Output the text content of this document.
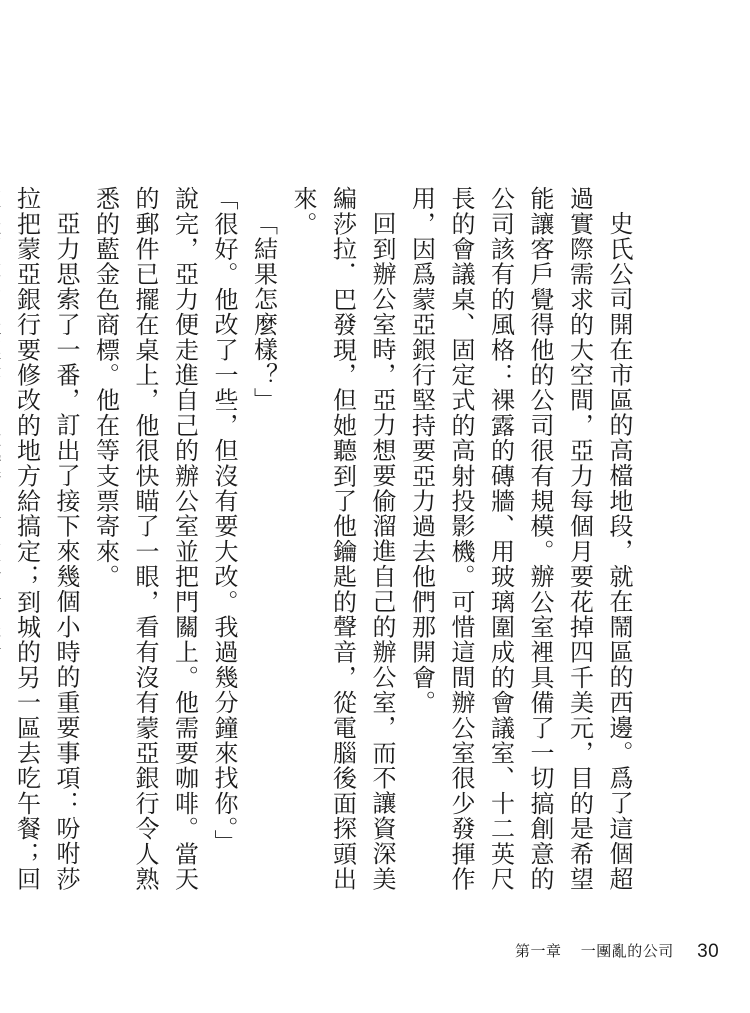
史氏公司開在市區的高檔地段，就在鬧區的西邊。爲了這個超過實際需求的大空間，亞力每個月要花掉四千美元，目的是希望能讓客戶覺得他的公司很有規模。辦公室裡具備了一切搞創意的公司該有的風格：裸露的磚牆、用玻璃圍成的會議室、十二英尺長的會議桌、固定式的高射投影機。可惜這間辦公室很少發揮作用，因爲蒙亞銀行堅持要亞力過去他們那開會。

回到辦公室時，亞力想要偷溜進自己的辦公室，而不讓資深美編莎拉．巴發現，但她聽到了他鑰匙的聲音，從電腦後面探頭出來。

「結果怎麼樣？」

「很好。他改了一些，但沒有要大改。我過幾分鐘來找你。」

說完，亞力便走進自己的辦公室並把門關上。他需要咖啡。當天的郵件已擺在桌上，他很快瞄了一眼，看有沒有蒙亞銀行令人熟悉的藍金色商標。他在等支票寄來。

亞力思索了一番，訂出了接下來幾個小時的重要事項：吩咐莎拉把蒙亞銀行要修改的地方給搞定；到城的另一區去吃午餐；回

第一章 一團亂的公司 30
